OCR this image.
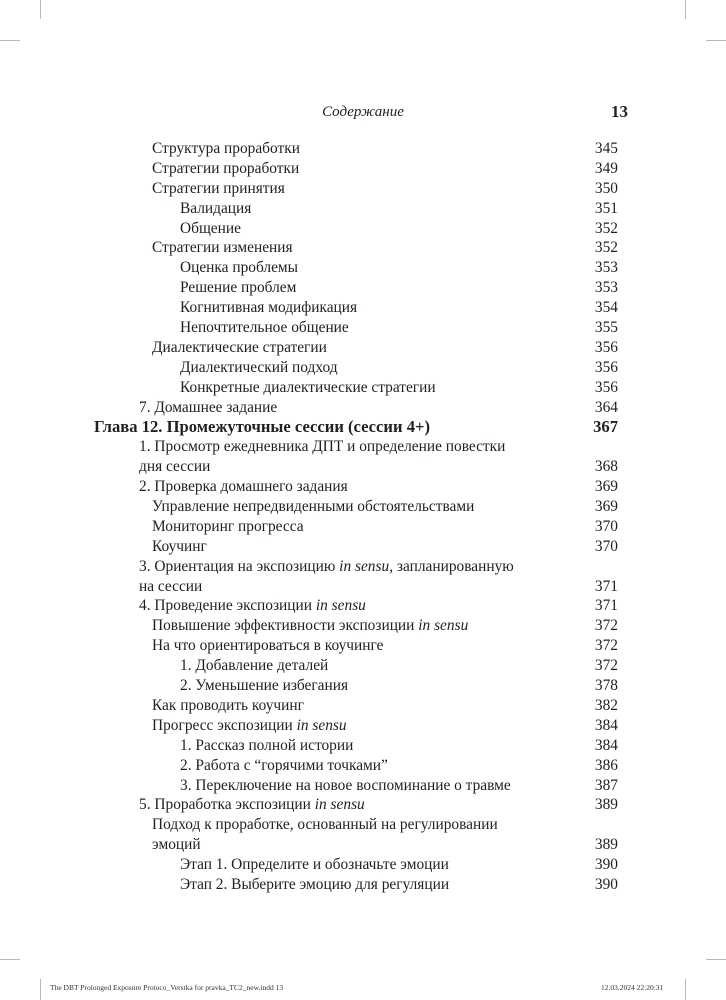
Содержание	13
Структура проработки	345
Стратегии проработки	349
Стратегии принятия	350
Валидация	351
Общение	352
Стратегии изменения	352
Оценка проблемы	353
Решение проблем	353
Когнитивная модификация	354
Непочтительное общение	355
Диалектические стратегии	356
Диалектический подход	356
Конкретные диалектические стратегии	356
7. Домашнее задание	364
Глава 12. Промежуточные сессии (сессии 4+)	367
1. Просмотр ежедневника ДПТ и определение повестки
дня сессии	368
2. Проверка домашнего задания	369
Управление непредвиденными обстоятельствами	369
Мониторинг прогресса	370
Коучинг	370
3. Ориентация на экспозицию in sensu, запланированную
на сессии	371
4. Проведение экспозиции in sensu	371
Повышение эффективности экспозиции in sensu	372
На что ориентироваться в коучинге	372
1. Добавление деталей	372
2. Уменьшение избегания	378
Как проводить коучинг	382
Прогресс экспозиции in sensu	384
1. Рассказ полной истории	384
2. Работа с “горячими точками”	386
3. Переключение на новое воспоминание о травме	387
5. Проработка экспозиции in sensu	389
Подход к проработке, основанный на регулировании
эмоций	389
Этап 1. Определите и обозначьте эмоции	390
Этап 2. Выберите эмоцию для регуляции	390
The DBT Prolonged Exposure Protoco_Verstka for pravka_TC2_new.indd 13	12.03.2024 22:20:31
